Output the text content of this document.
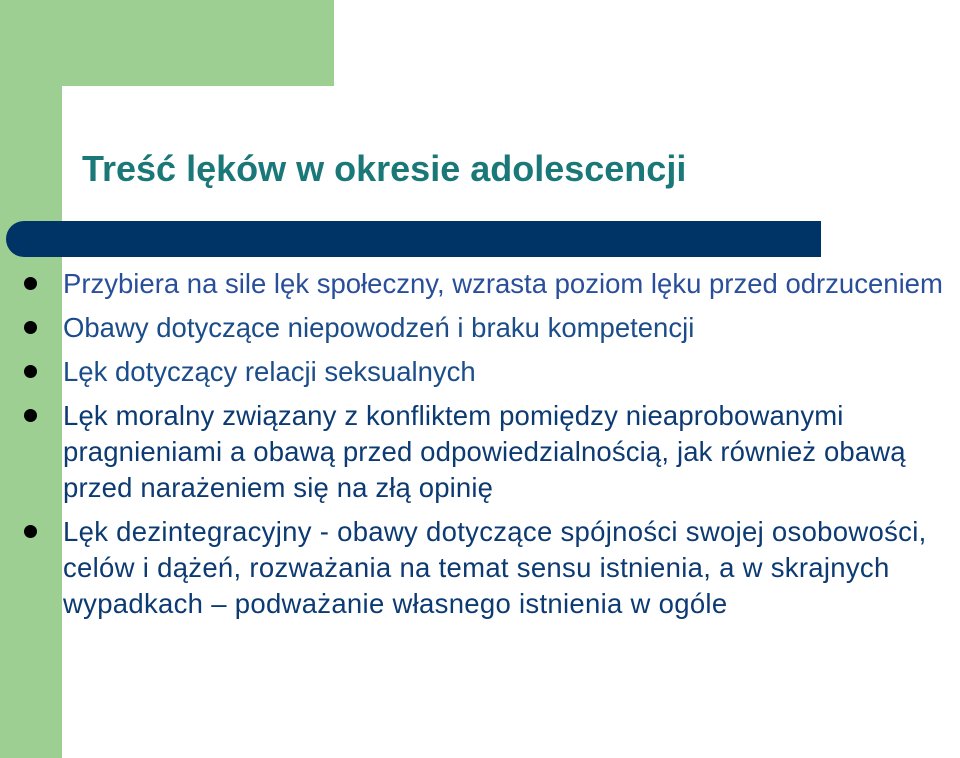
Treść lęków w okresie adolescencji
Przybiera na sile lęk społeczny, wzrasta poziom lęku przed odrzuceniem
Obawy dotyczące niepowodzeń i braku kompetencji
Lęk dotyczący relacji seksualnych
Lęk moralny związany z konfliktem pomiędzy nieaprobowanymi pragnieniami a obawą przed odpowiedzialnością, jak również obawą przed narażeniem się na złą opinię
Lęk dezintegracyjny - obawy dotyczące spójności swojej osobowości, celów i dążeń, rozważania na temat sensu istnienia, a w skrajnych wypadkach – podważanie własnego istnienia w ogóle
